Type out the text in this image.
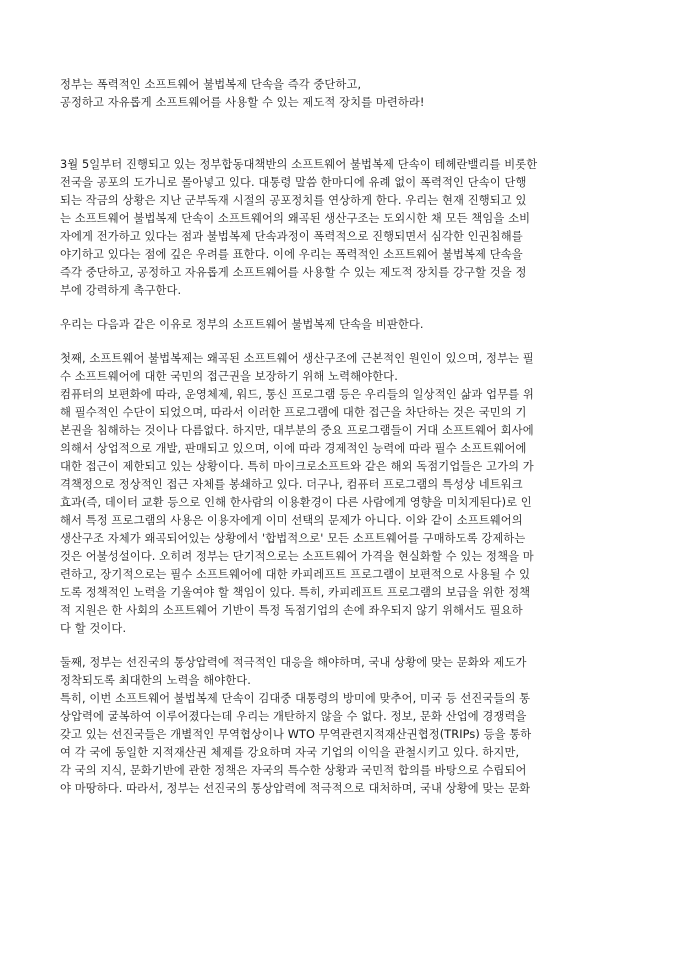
정부는 폭력적인 소프트웨어 불법복제 단속을 즉각 중단하고,

공정하고 자유롭게 소프트웨어를 사용할 수 있는 제도적 장치를 마련하라!

3월 5일부터 진행되고 있는 정부합동대책반의 소프트웨어 불법복제 단속이 테헤란밸리를 비롯한
전국을 공포의 도가니로 몰아넣고 있다. 대통령 말씀 한마디에 유례 없이 폭력적인 단속이 단행
되는 작금의 상황은 지난 군부독재 시절의 공포정치를 연상하게 한다. 우리는 현재 진행되고 있
는 소프트웨어 불법복제 단속이 소프트웨어의 왜곡된 생산구조는 도외시한 채 모든 책임을 소비
자에게 전가하고 있다는 점과 불법복제 단속과정이 폭력적으로 진행되면서 심각한 인권침해를
야기하고 있다는 점에 깊은 우려를 표한다. 이에 우리는 폭력적인 소프트웨어 불법복제 단속을
즉각 중단하고, 공정하고 자유롭게 소프트웨어를 사용할 수 있는 제도적 장치를 강구할 것을 정
부에 강력하게 촉구한다.

우리는 다음과 같은 이유로 정부의 소프트웨어 불법복제 단속을 비판한다.

첫째, 소프트웨어 불법복제는 왜곡된 소프트웨어 생산구조에 근본적인 원인이 있으며, 정부는 필
수 소프트웨어에 대한 국민의 접근권을 보장하기 위해 노력해야한다.
컴퓨터의 보편화에 따라, 운영체제, 워드, 통신 프로그램 등은 우리들의 일상적인 삶과 업무를 위
해 필수적인 수단이 되었으며, 따라서 이러한 프로그램에 대한 접근을 차단하는 것은 국민의 기
본권을 침해하는 것이나 다름없다. 하지만, 대부분의 중요 프로그램들이 거대 소프트웨어 회사에
의해서 상업적으로 개발, 판매되고 있으며, 이에 따라 경제적인 능력에 따라 필수 소프트웨어에
대한 접근이 제한되고 있는 상황이다. 특히 마이크로소프트와 같은 해외 독점기업들은 고가의 가
격책정으로 정상적인 접근 자체를 봉쇄하고 있다. 더구나, 컴퓨터 프로그램의 특성상 네트워크
효과(즉, 데이터 교환 등으로 인해 한사람의 이용환경이 다른 사람에게 영향을 미치게된다)로 인
해서 특정 프로그램의 사용은 이용자에게 이미 선택의 문제가 아니다. 이와 같이 소프트웨어의
생산구조 자체가 왜곡되어있는 상황에서 '합법적으로' 모든 소프트웨어를 구매하도록 강제하는
것은 어불성설이다. 오히려 정부는 단기적으로는 소프트웨어 가격을 현실화할 수 있는 정책을 마
련하고, 장기적으로는 필수 소프트웨어에 대한 카피레프트 프로그램이 보편적으로 사용될 수 있
도록 정책적인 노력을 기울여야 할 책임이 있다. 특히, 카피레프트 프로그램의 보급을 위한 정책
적 지원은 한 사회의 소프트웨어 기반이 특정 독점기업의 손에 좌우되지 않기 위해서도 필요하
다 할 것이다.
둘째, 정부는 선진국의 통상압력에 적극적인 대응을 해야하며, 국내 상황에 맞는 문화와 제도가
정착되도록 최대한의 노력을 해야한다.
특히, 이번 소프트웨어 불법복제 단속이 김대중 대통령의 방미에 맞추어, 미국 등 선진국들의 통
상압력에 굴복하여 이루어졌다는데 우리는 개탄하지 않을 수 없다. 정보, 문화 산업에 경쟁력을
갖고 있는 선진국들은 개별적인 무역협상이나 WTO 무역관련지적재산권협정(TRIPs) 등을 통하
여 각 국에 동일한 지적재산권 체제를 강요하며 자국 기업의 이익을 관철시키고 있다. 하지만,
각 국의 지식, 문화기반에 관한 정책은 자국의 특수한 상황과 국민적 합의를 바탕으로 수립되어
야 마땅하다. 따라서, 정부는 선진국의 통상압력에 적극적으로 대처하며, 국내 상황에 맞는 문화
